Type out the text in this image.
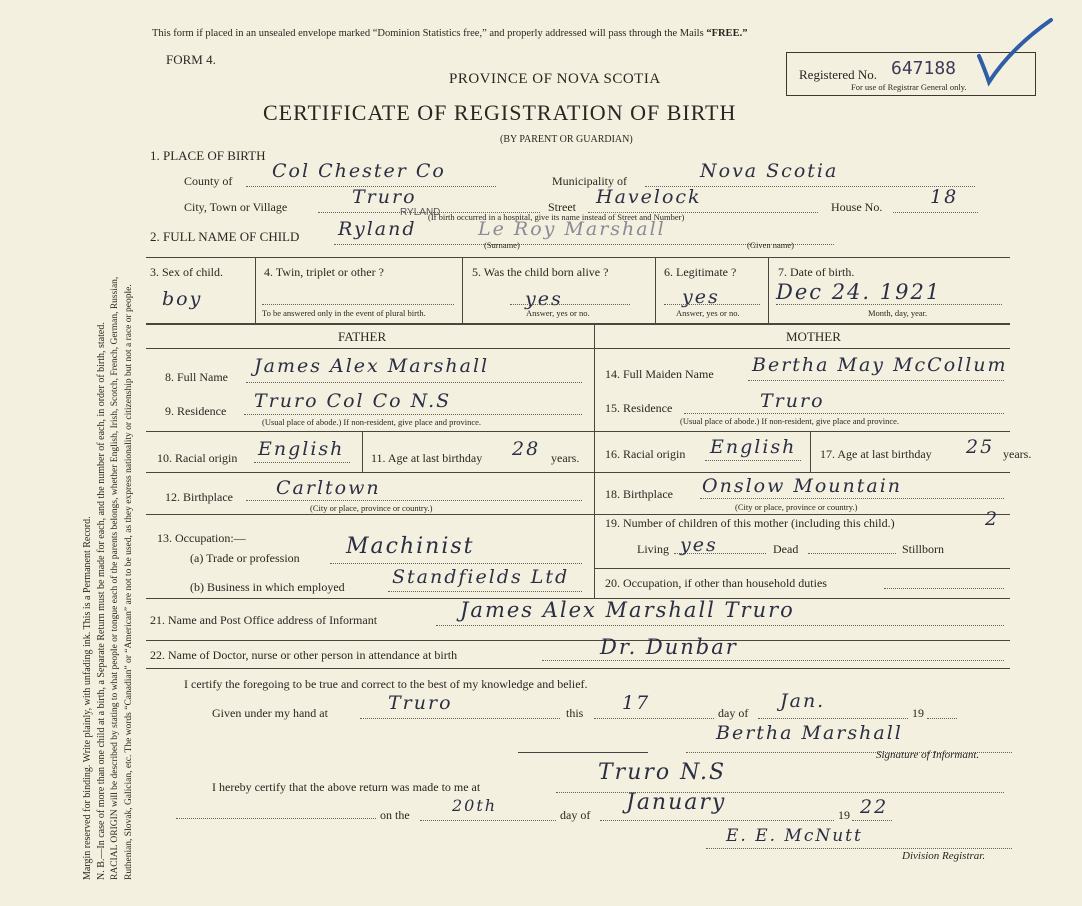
Margin reserved for binding. Write plainly, with unfading ink. This is a Permanent Record. N. B.—In case of more than one child at a birth, a Separate Return must be made for each, and the number of each, in order of birth, stated. RACIAL ORIGIN will be described by stating to what people or tongue each of the parents belongs, whether English, Irish, Scotch, French, German, Russian, Ruthenian, Slovak, Galician, etc. The words “Canadian” or “American” are not to be used, as they express nationality or citizenship but not a race or people.
This form if placed in an unsealed envelope marked “Dominion Statistics free,” and properly addressed will pass through the Mails “FREE.”
FORM 4.
PROVINCE OF NOVA SCOTIA
CERTIFICATE OF REGISTRATION OF BIRTH
(BY PARENT OR GUARDIAN)
Registered No. 647188
For use of Registrar General only.
1. PLACE OF BIRTH
County of Col Chester Co	Municipality of	Nova Scotia
City, Town or Village	Truro	Street Havelock	House No.	18
(If birth occurred in a hospital, give its name instead of Street and Number)
RYLAND
2. FULL NAME OF CHILD Ryland	Le Roy Marshall
(Surname)	(Given name)
3. Sex of child.
boy
4. Twin, triplet or other ?
To be answered only in the event of plural birth.
5. Was the child born alive ?
yes
Answer, yes or no.
6. Legitimate ?
yes
Answer, yes or no.
7. Date of birth.
Dec 24. 1921
Month, day, year.
FATHER	MOTHER
8. Full Name James Alex Marshall
9. Residence Truro Col Co N.S
(Usual place of abode.) If non-resident, give place and province.
10. Racial origin English 11. Age at last birthday 28 years.
12. Birthplace Carltown
(City or place, province or country.)
13. Occupation:—
(a) Trade or profession Machinist
(b) Business in which employed Standfields Ltd
14. Full Maiden Name Bertha May McCollum
15. Residence	Truro
(Usual place of abode.) If non-resident, give place and province.
16. Racial origin English 17. Age at last birthday 25 years.
18. Birthplace Onslow Mountain
(City or place, province or country.)
19. Number of children of this mother (including this child.)	2
Living yes	Dead	Stillborn
20. Occupation, if other than household duties
21. Name and Post Office address of Informant	James Alex Marshall Truro
22. Name of Doctor, nurse or other person in attendance at birth	Dr. Dunbar
I certify the foregoing to be true and correct to the best of my knowledge and belief.
Given under my hand at	Truro	this 17	day of
Jan.
19
Bertha Marshall
Signature of Informant.
I hereby certify that the above return was made to me at
Truro N.S
on the	20th	day of January	19 22
E. E. McNutt
Division Registrar.
